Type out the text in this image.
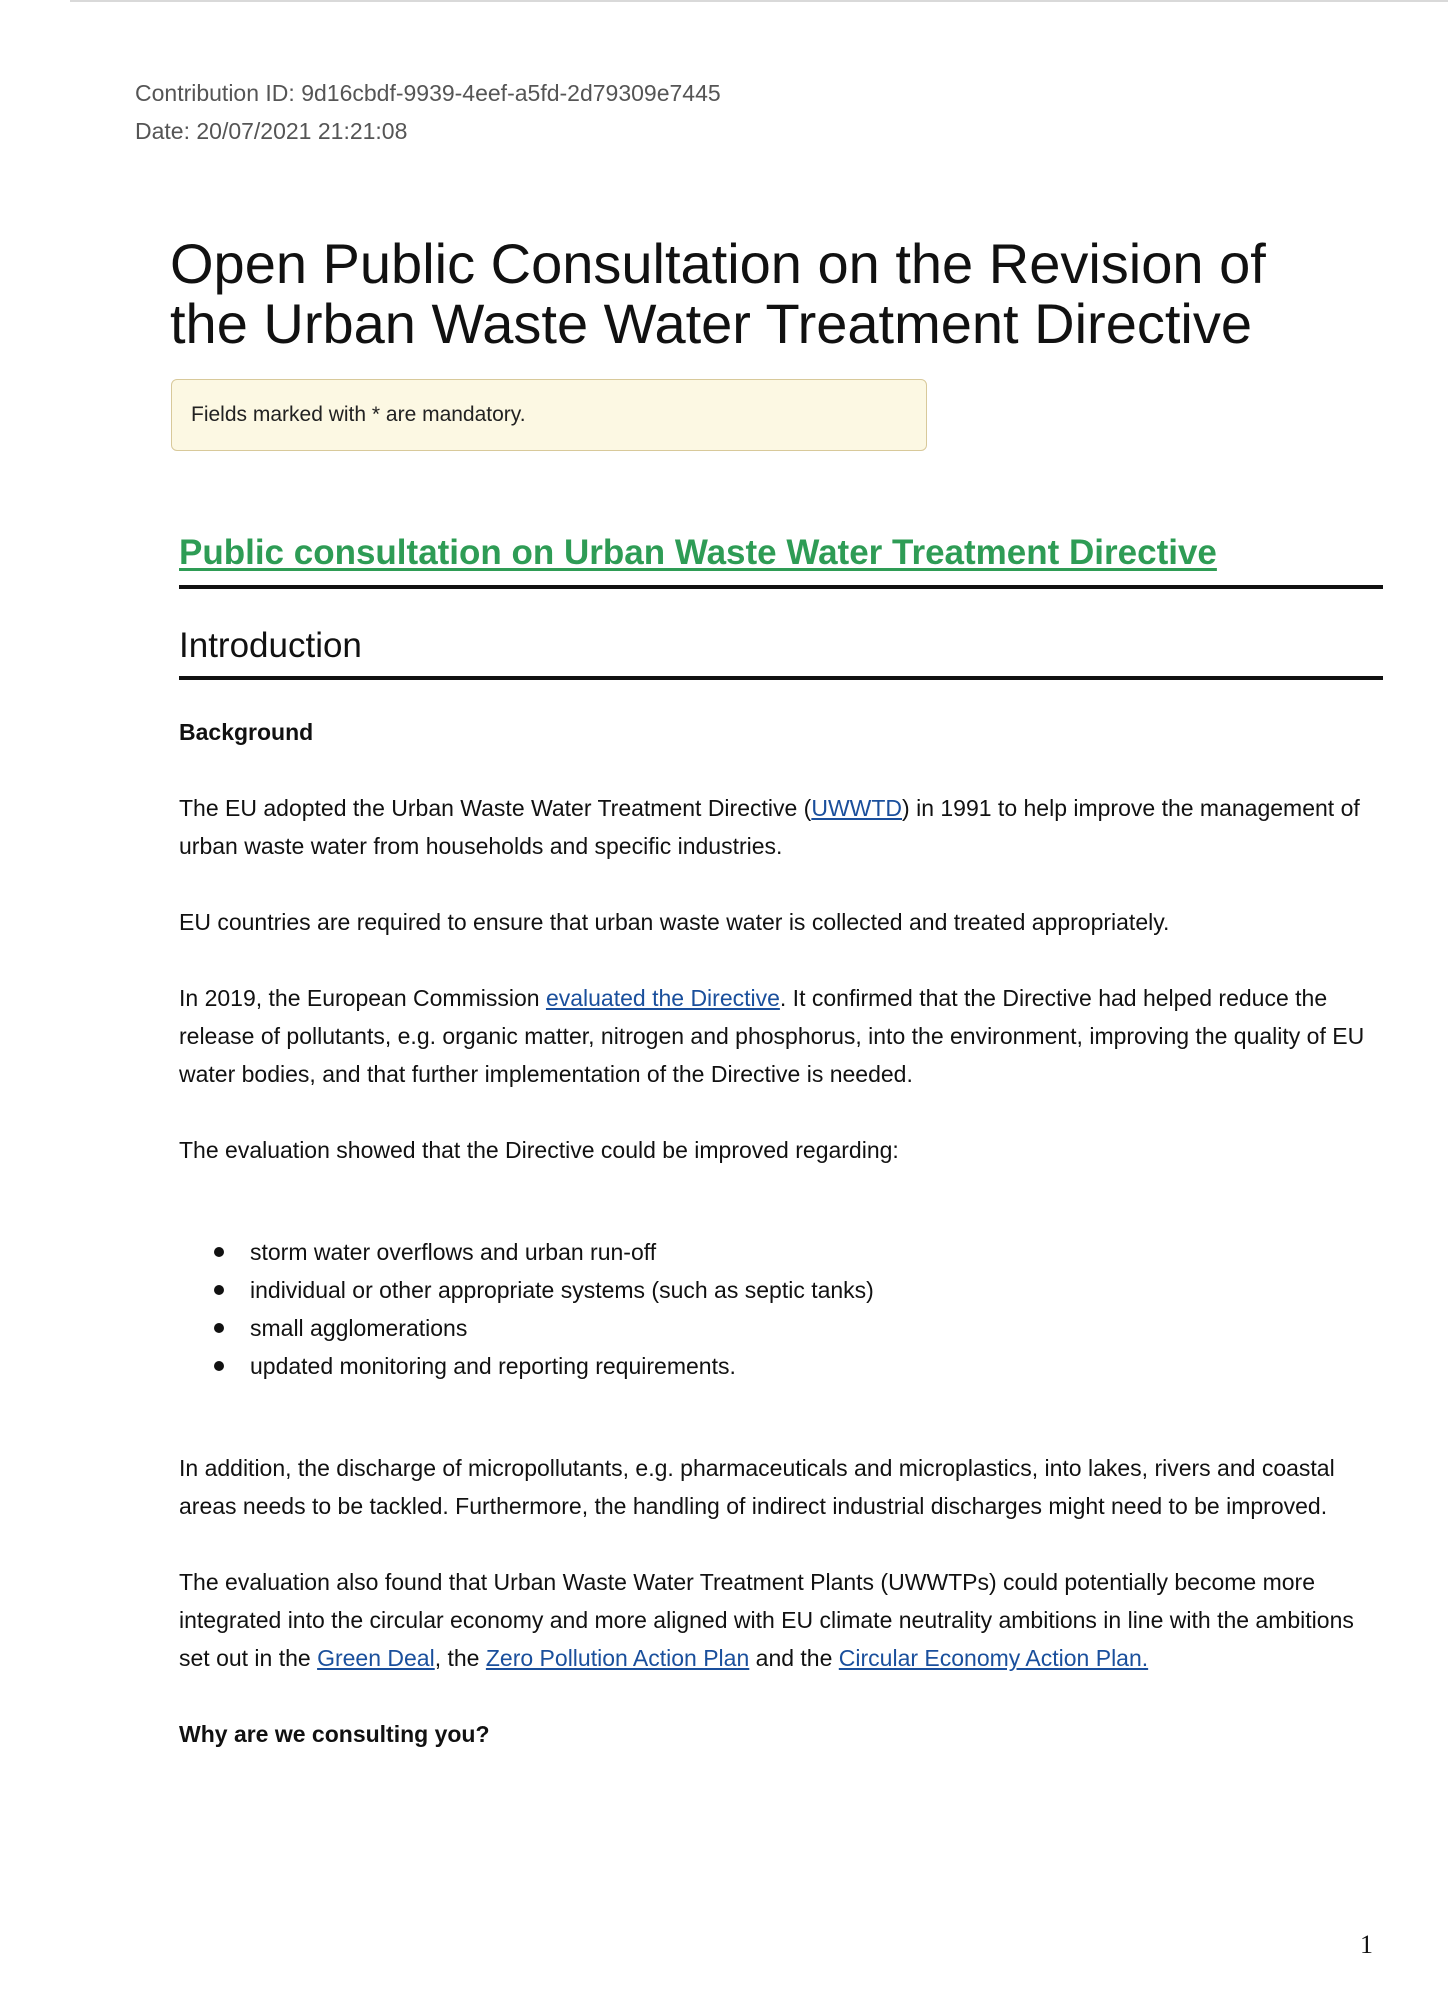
Contribution ID: 9d16cbdf-9939-4eef-a5fd-2d79309e7445
Date: 20/07/2021 21:21:08
Open Public Consultation on the Revision of
the Urban Waste Water Treatment Directive
Fields marked with * are mandatory.
Public consultation on Urban Waste Water Treatment Directive
Introduction

Background

The EU adopted the Urban Waste Water Treatment Directive (UWWTD) in 1991 to help improve the management of urban waste water from households and specific industries.

EU countries are required to ensure that urban waste water is collected and treated appropriately.

In 2019, the European Commission evaluated the Directive. It confirmed that the Directive had helped reduce the release of pollutants, e.g. organic matter, nitrogen and phosphorus, into the environment, improving the quality of EU water bodies, and that further implementation of the Directive is needed.

The evaluation showed that the Directive could be improved regarding:

storm water overflows and urban run-off
individual or other appropriate systems (such as septic tanks)
small agglomerations
updated monitoring and reporting requirements.

In addition, the discharge of micropollutants, e.g. pharmaceuticals and microplastics, into lakes, rivers and coastal areas needs to be tackled. Furthermore, the handling of indirect industrial discharges might need to be improved.

The evaluation also found that Urban Waste Water Treatment Plants (UWWTPs) could potentially become more integrated into the circular economy and more aligned with EU climate neutrality ambitions in line with the ambitions set out in the Green Deal, the Zero Pollution Action Plan and the Circular Economy Action Plan.

Why are we consulting you?

1
